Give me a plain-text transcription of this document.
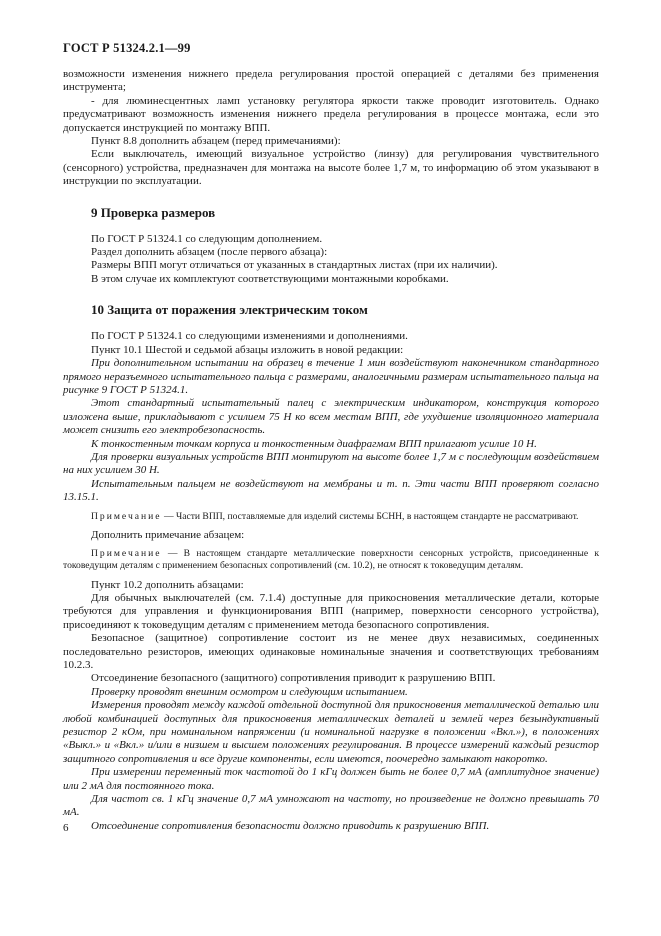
ГОСТ Р 51324.2.1—99

возможности изменения нижнего предела регулирования простой операцией с деталями без применения инструмента;

- для люминесцентных ламп установку регулятора яркости также проводит изготовитель. Однако предусматривают возможность изменения нижнего предела регулирования в процессе монтажа, если это допускается инструкцией по монтажу ВПП.

Пункт 8.8 дополнить абзацем (перед примечаниями):

Если выключатель, имеющий визуальное устройство (линзу) для регулирования чувствительного (сенсорного) устройства, предназначен для монтажа на высоте более 1,7 м, то информацию об этом указывают в инструкции по эксплуатации.

9 Проверка размеров

По ГОСТ Р 51324.1 со следующим дополнением.

Раздел дополнить абзацем (после первого абзаца):

Размеры ВПП могут отличаться от указанных в стандартных листах (при их наличии).

В этом случае их комплектуют соответствующими монтажными коробками.

10 Защита от поражения электрическим током

По ГОСТ Р 51324.1 со следующими изменениями и дополнениями.

Пункт 10.1 Шестой и седьмой абзацы изложить в новой редакции:

При дополнительном испытании на образец в течение 1 мин воздействуют наконечником стандартного прямого неразъемного испытательного пальца с размерами, аналогичными размерам испытательного пальца на рисунке 9 ГОСТ Р 51324.1.

Этот стандартный испытательный палец с электрическим индикатором, конструкция которого изложена выше, прикладывают с усилием 75 Н ко всем местам ВПП, где ухудшение изоляционного материала может снизить его электробезопасность.

К тонкостенным точкам корпуса и тонкостенным диафрагмам ВПП прилагают усилие 10 Н.

Для проверки визуальных устройств ВПП монтируют на высоте более 1,7 м с последующим воздействием на них усилием 30 Н.

Испытательным пальцем не воздействуют на мембраны и т. п. Эти части ВПП проверяют согласно 13.15.1.

Примечание — Части ВПП, поставляемые для изделий системы БСНН, в настоящем стандарте не рассматривают.

Дополнить примечание абзацем:

Примечание — В настоящем стандарте металлические поверхности сенсорных устройств, присоединенные к токоведущим деталям с применением безопасных сопротивлений (см. 10.2), не относят к токоведущим деталям.

Пункт 10.2 дополнить абзацами:

Для обычных выключателей (см. 7.1.4) доступные для прикосновения металлические детали, которые требуются для управления и функционирования ВПП (например, поверхности сенсорного устройства), присоединяют к токоведущим деталям с применением метода безопасного сопротивления.

Безопасное (защитное) сопротивление состоит из не менее двух независимых, соединенных последовательно резисторов, имеющих одинаковые номинальные значения и соответствующих требованиям 10.2.3.

Отсоединение безопасного (защитного) сопротивления приводит к разрушению ВПП.

Проверку проводят внешним осмотром и следующим испытанием.

Измерения проводят между каждой отдельной доступной для прикосновения металлической деталью или любой комбинацией доступных для прикосновения металлических деталей и землей через безындуктивный резистор 2 кОм, при номинальном напряжении (и номинальной нагрузке в положении «Вкл.»), в положениях «Выкл.» и «Вкл.» и/или в низшем и высшем положениях регулирования. В процессе измерений каждый резистор защитного сопротивления и все другие компоненты, если имеются, поочередно замыкают накоротко.

При измерении переменный ток частотой до 1 кГц должен быть не более 0,7 мА (амплитудное значение) или 2 мА для постоянного тока.

Для частот св. 1 кГц значение 0,7 мА умножают на частоту, но произведение не должно превышать 70 мА.

Отсоединение сопротивления безопасности должно приводить к разрушению ВПП.

6
